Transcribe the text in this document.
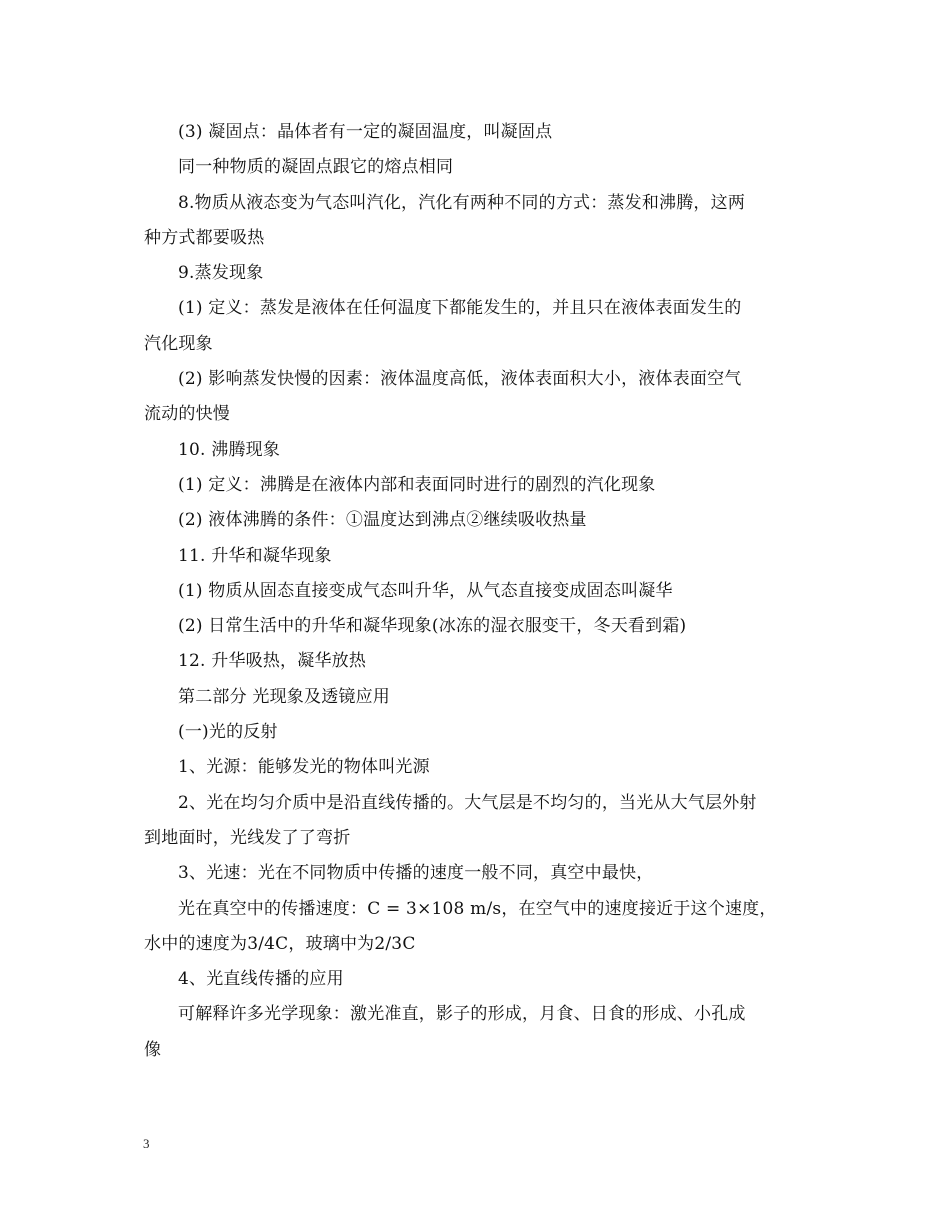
(3) 凝固点：晶体者有一定的凝固温度，叫凝固点
同一种物质的凝固点跟它的熔点相同
8.物质从液态变为气态叫汽化，汽化有两种不同的方式：蒸发和沸腾，这两
种方式都要吸热
9.蒸发现象
(1) 定义：蒸发是液体在任何温度下都能发生的，并且只在液体表面发生的
汽化现象
(2) 影响蒸发快慢的因素：液体温度高低，液体表面积大小，液体表面空气
流动的快慢
10. 沸腾现象
(1) 定义：沸腾是在液体内部和表面同时进行的剧烈的汽化现象
(2) 液体沸腾的条件：①温度达到沸点②继续吸收热量
11. 升华和凝华现象
(1) 物质从固态直接变成气态叫升华，从气态直接变成固态叫凝华
(2) 日常生活中的升华和凝华现象(冰冻的湿衣服变干，冬天看到霜)
12. 升华吸热，凝华放热
第二部分 光现象及透镜应用
(一)光的反射
1、光源：能够发光的物体叫光源
2、光在均匀介质中是沿直线传播的。大气层是不均匀的，当光从大气层外射
到地面时，光线发了了弯折
3、光速：光在不同物质中传播的速度一般不同，真空中最快，
光在真空中的传播速度：C = 3×108 m/s，在空气中的速度接近于这个速度，
水中的速度为3/4C，玻璃中为2/3C
4、光直线传播的应用
可解释许多光学现象：激光准直，影子的形成，月食、日食的形成、小孔成
像
3
